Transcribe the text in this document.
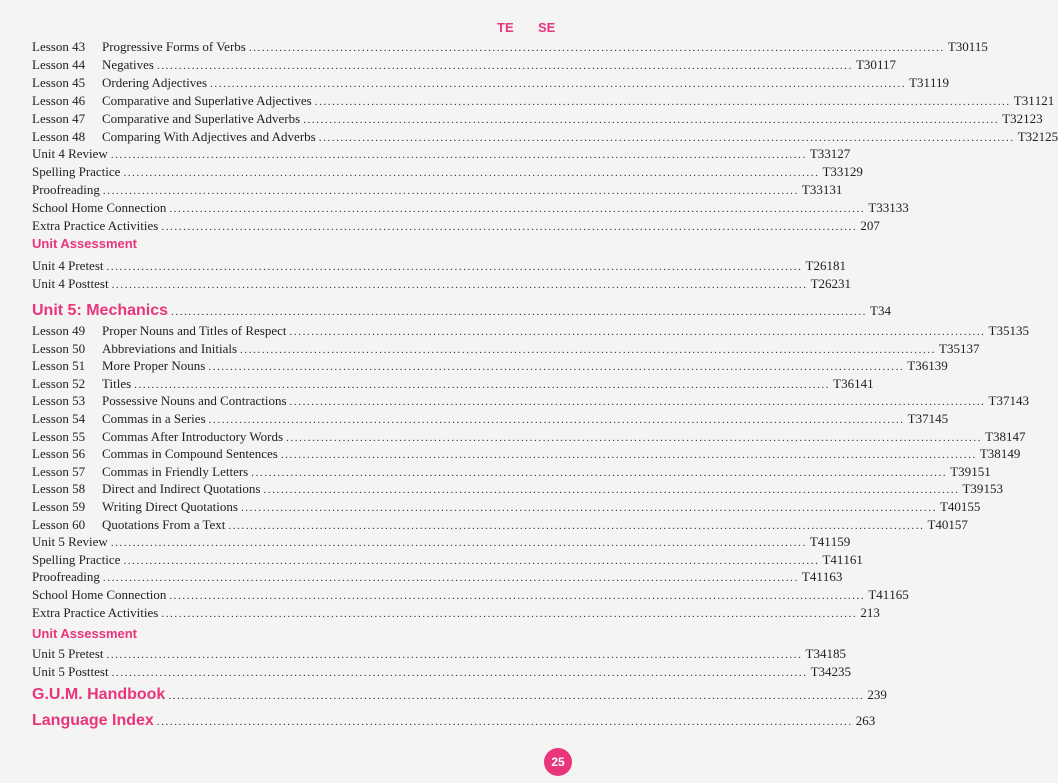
TE SE
Lesson 43 Progressive Forms of Verbs ................................................................................................................................................................ T30 115
Lesson 44 Negatives ................................................................................................................................................................ T30 117
Lesson 45 Ordering Adjectives ................................................................................................................................................................ T31 119
Lesson 46 Comparative and Superlative Adjectives ................................................................................................................................................................ T31 121
Lesson 47 Comparative and Superlative Adverbs ................................................................................................................................................................ T32 123
Lesson 48 Comparing With Adjectives and Adverbs ................................................................................................................................................................ T32 125
Unit 4 Review ................................................................................................................................................................ T33 127
Spelling Practice ................................................................................................................................................................ T33 129
Proofreading ................................................................................................................................................................ T33 131
School Home Connection ................................................................................................................................................................ T33 133
Extra Practice Activities ................................................................................................................................................................ 207
Unit Assessment
Unit 4 Pretest ................................................................................................................................................................ T26 181
Unit 4 Posttest ................................................................................................................................................................ T26 231
Unit 5: Mechanics ................................................................................................................................................................ T34
Lesson 49 Proper Nouns and Titles of Respect ................................................................................................................................................................ T35 135
Lesson 50 Abbreviations and Initials ................................................................................................................................................................ T35 137
Lesson 51 More Proper Nouns ................................................................................................................................................................ T36 139
Lesson 52 Titles ................................................................................................................................................................ T36 141
Lesson 53 Possessive Nouns and Contractions ................................................................................................................................................................ T37 143
Lesson 54 Commas in a Series ................................................................................................................................................................ T37 145
Lesson 55 Commas After Introductory Words ................................................................................................................................................................ T38 147
Lesson 56 Commas in Compound Sentences ................................................................................................................................................................ T38 149
Lesson 57 Commas in Friendly Letters ................................................................................................................................................................ T39 151
Lesson 58 Direct and Indirect Quotations ................................................................................................................................................................ T39 153
Lesson 59 Writing Direct Quotations ................................................................................................................................................................ T40 155
Lesson 60 Quotations From a Text ................................................................................................................................................................ T40 157
Unit 5 Review ................................................................................................................................................................ T41 159
Spelling Practice ................................................................................................................................................................ T41 161
Proofreading ................................................................................................................................................................ T41 163
School Home Connection ................................................................................................................................................................ T41 165
Extra Practice Activities ................................................................................................................................................................ 213
Unit Assessment
Unit 5 Pretest ................................................................................................................................................................ T34 185
Unit 5 Posttest ................................................................................................................................................................ T34 235
G.U.M. Handbook ................................................................................................................................................................ 239
Language Index ................................................................................................................................................................ 263
25
